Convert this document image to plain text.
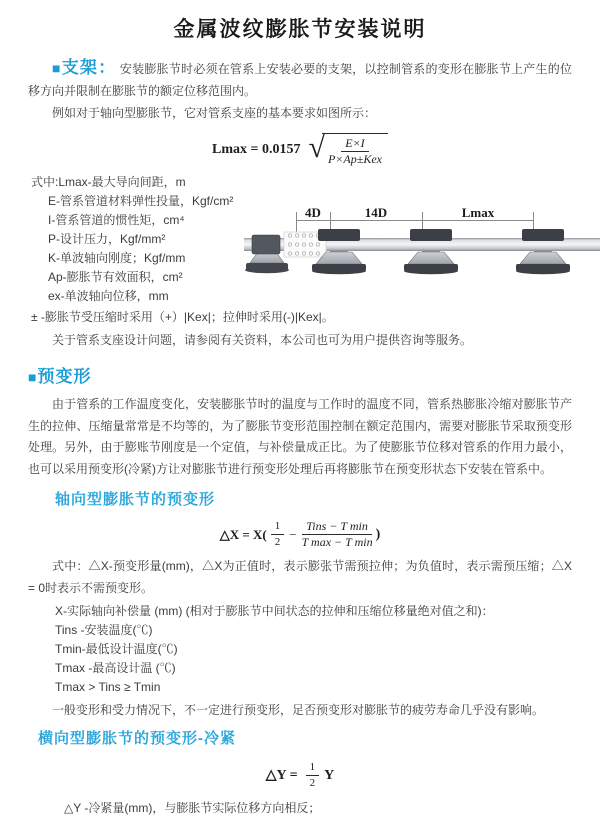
金属波纹膨胀节安装说明

■支架： 安装膨胀节时必须在管系上安装必要的支架，以控制管系的变形在膨胀节上产生的位移方向并限制在膨胀节的额定位移范围内。

例如对于轴向型膨胀节，它对管系支座的基本要求如图所示：

Lmax = 0.0157 √ $\frac{E\times I}{\text{P×Ap±Kex}}$
式中:Lmax-最大导向间距，m
E-管系管道材料弹性投量，Kgf/cm²
I-管系管道的惯性矩，cm⁴
P-设计压力，Kgf/mm²
K-单波轴向刚度；Kgf/mm
Ap-膨胀节有效面积，cm²
ex-单波轴向位移，mm
4D	14D	Lmax
± -膨胀节受压缩时采用（+）|Kex|；拉伸时采用(-)|Kex|。

关于管系支座设计问题，请参阅有关资料，本公司也可为用户提供咨询等服务。

■预变形

由于管系的工作温度变化，安装膨胀节时的温度与工作时的温度不同，管系热膨胀冷缩对膨胀节产生的拉伸、压缩量常常是不均等的，为了膨胀节变形范围控制在额定范围内，需要对膨胀节采取预变形处理。另外，由于膨账节刚度是一个定值，与补偿量成正比。为了使膨胀节位移对管系的作用力最小，也可以采用预变形(冷紧)方让对膨胀节进行预变形处理后再将膨胀节在预变形状态下安装在管系中。

轴向型膨胀节的预变形
△X = $X( \frac{1}{2} - \frac{\text{Tins − T min}}{\text{T max − T min}}$ )

式中：△X-预变形量(mm)，△X为正值时，表示膨张节需预拉伸；为负值时，表示需预压缩；△X = 0时表示不需预变形。

X-实际轴向补偿量 (mm) (相对于膨胀节中间状态的拉伸和压缩位移量绝对值之和)：
Tins -安装温度(℃)
Tmin-最低设计温度(℃)
Tmax -最高设计温 (℃)
Tmax > Tins ≥ Tmin

一般变形和受力情况下，不一定进行预变形，足否预变形对膨胀节的疲劳寿命几乎没有影响。

横向型膨胀节的预变形-冷紧
△Y = $\frac{1}{2}$ Y
△Y -冷紧量(mm)，与膨胀节实际位移方向相反；
